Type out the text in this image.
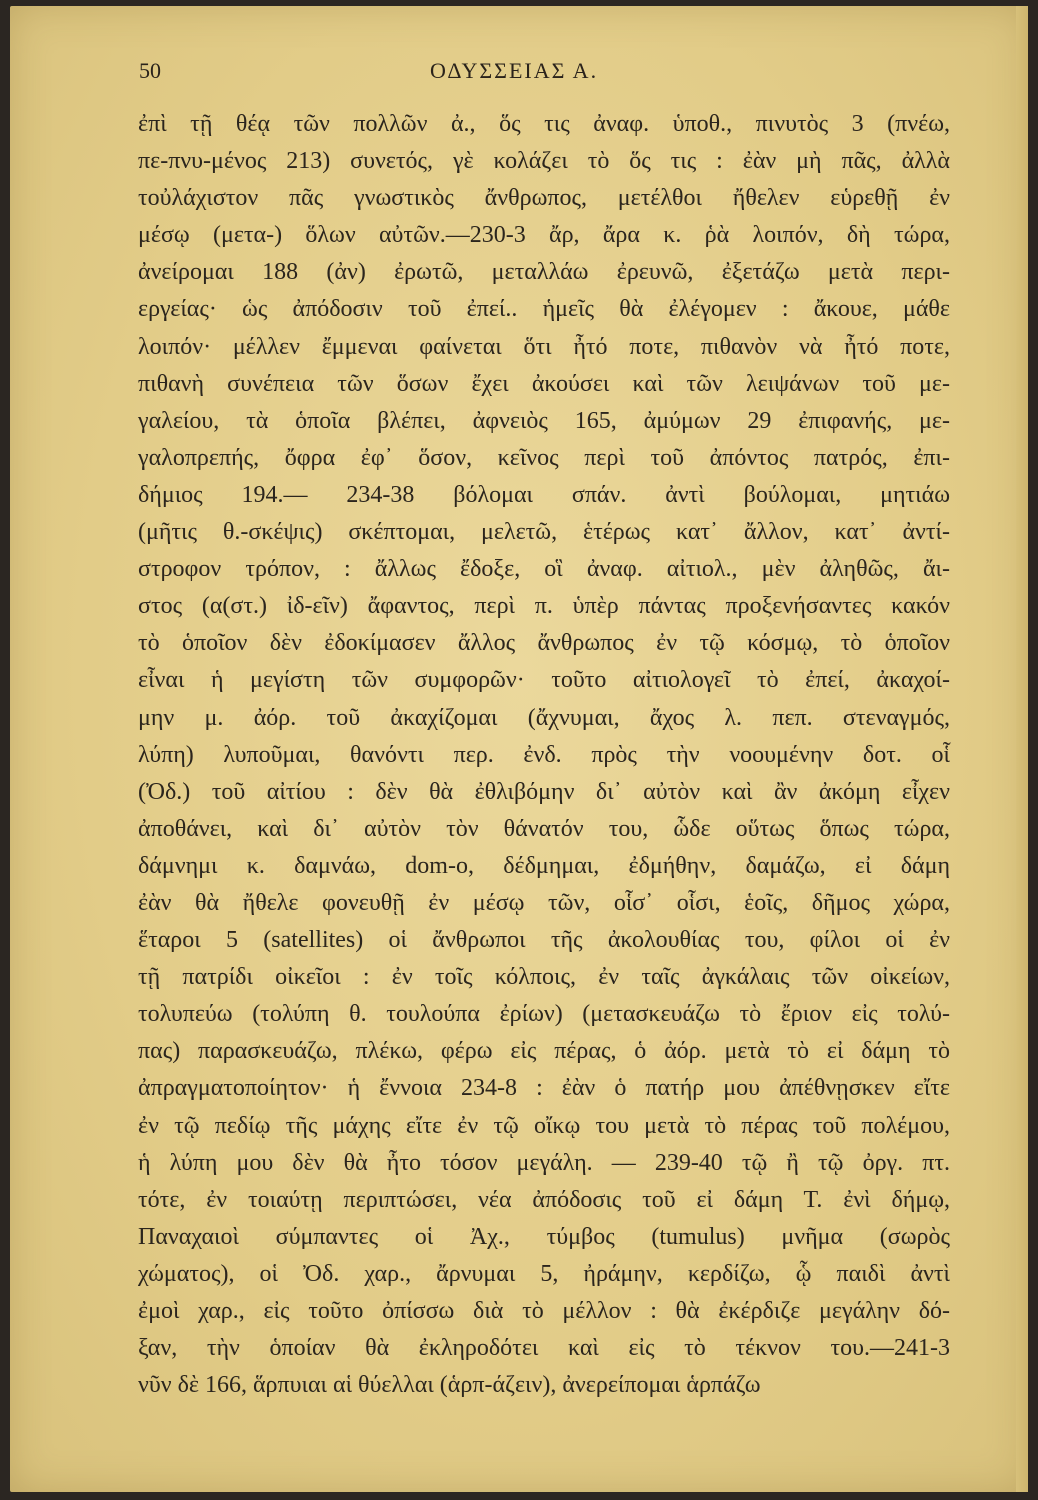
50	ΟΔΥΣΣΕΙΑΣ Α.
ἐπὶ τῇ θέᾳ τῶν πολλῶν ἀ., ὅς τις ἀναφ. ὑποθ., πινυτὸς 3 (πνέω,
πε-πνυ-μένος 213) συνετός, γὲ κολάζει τὸ ὅς τις : ἐὰν μὴ πᾶς, ἀλλὰ
τοὐλάχιστον πᾶς γνωστικὸς ἄνθρωπος, μετέλθοι ἤθελεν εὑρεθῇ ἐν
μέσῳ (μετα-) ὅλων αὐτῶν.—230-3 ἄρ, ἄρα κ. ῥὰ λοιπόν, δὴ τώρα,
ἀνείρομαι 188 (ἀν) ἐρωτῶ, μεταλλάω ἐρευνῶ, ἐξετάζω μετὰ περι-
εργείας· ὡς ἀπόδοσιν τοῦ ἐπεί.. ἡμεῖς θὰ ἐλέγομεν : ἄκουε, μάθε
λοιπόν· μέλλεν ἔμμεναι φαίνεται ὅτι ἦτό ποτε, πιθανὸν νὰ ἦτό ποτε,
πιθανὴ συνέπεια τῶν ὅσων ἔχει ἀκούσει καὶ τῶν λειψάνων τοῦ με-
γαλείου, τὰ ὁποῖα βλέπει, ἀφνειὸς 165, ἀμύμων 29 ἐπιφανής, με-
γαλοπρεπής, ὄφρα ἐφ᾽ ὅσον, κεῖνος περὶ τοῦ ἀπόντος πατρός, ἐπι-
δήμιος 194.— 234-38 βόλομαι σπάν. ἀντὶ βούλομαι, μητιάω
(μῆτις θ.-σκέψις) σκέπτομαι, μελετῶ, ἑτέρως κατ᾽ ἄλλον, κατ᾽ ἀντί-
στροφον τρόπον, : ἄλλως ἔδοξε, οἳ ἀναφ. αἰτιολ., μὲν ἀληθῶς, ἄι-
στος (α(στ.) ἰδ-εῖν) ἄφαντος, περὶ π. ὑπὲρ πάντας προξενήσαντες κακόν
τὸ ὁποῖον δὲν ἐδοκίμασεν ἄλλος ἄνθρωπος ἐν τῷ κόσμῳ, τὸ ὁποῖον
εἶναι ἡ μεγίστη τῶν συμφορῶν· τοῦτο αἰτιολογεῖ τὸ ἐπεί, ἀκαχοί-
μην μ. ἀόρ. τοῦ ἀκαχίζομαι (ἄχνυμαι, ἄχος λ. πεπ. στεναγμός,
λύπη) λυποῦμαι, θανόντι περ. ἐνδ. πρὸς τὴν νοουμένην δοτ. οἷ
(Ὀδ.) τοῦ αἰτίου : δὲν θὰ ἐθλιβόμην δι᾽ αὐτὸν καὶ ἂν ἀκόμη εἶχεν
ἀποθάνει, καὶ δι᾽ αὐτὸν τὸν θάνατόν του, ὧδε οὕτως ὅπως τώρα,
δάμνημι κ. δαμνάω, dom-o, δέδμημαι, ἐδμήθην, δαμάζω, εἰ δάμη
ἐὰν θὰ ἤθελε φονευθῇ ἐν μέσῳ τῶν, οἷσ᾽ οἷσι, ἑοῖς, δῆμος χώρα,
ἕταροι 5 (satellites) οἱ ἄνθρωποι τῆς ἀκολουθίας του, φίλοι οἱ ἐν
τῇ πατρίδι οἰκεῖοι : ἐν τοῖς κόλποις, ἐν ταῖς ἀγκάλαις τῶν οἰκείων,
τολυπεύω (τολύπη θ. τουλούπα ἐρίων) (μετασκευάζω τὸ ἔριον εἰς τολύ-
πας) παρασκευάζω, πλέκω, φέρω εἰς πέρας, ὁ ἀόρ. μετὰ τὸ εἰ δάμη τὸ
ἀπραγματοποίητον· ἡ ἔννοια 234-8 : ἐὰν ὁ πατήρ μου ἀπέθνῃσκεν εἴτε
ἐν τῷ πεδίῳ τῆς μάχης εἴτε ἐν τῷ οἴκῳ του μετὰ τὸ πέρας τοῦ πολέμου,
ἡ λύπη μου δὲν θὰ ἦτο τόσον μεγάλη. — 239-40 τῷ ἢ τῷ ὀργ. πτ.
τότε, ἐν τοιαύτῃ περιπτώσει, νέα ἀπόδοσις τοῦ εἰ δάμη Τ. ἐνὶ δήμῳ,
Παναχαιοὶ σύμπαντες οἱ Ἀχ., τύμβος (tumulus) μνῆμα (σωρὸς
χώματος), οἱ Ὀδ. χαρ., ἄρνυμαι 5, ἠράμην, κερδίζω, ᾧ παιδὶ ἀντὶ
ἐμοὶ χαρ., εἰς τοῦτο ὀπίσσω διὰ τὸ μέλλον : θὰ ἐκέρδιζε μεγάλην δό-
ξαν, τὴν ὁποίαν θὰ ἐκληροδότει καὶ εἰς τὸ τέκνον του.—241-3
νῦν δὲ 166, ἅρπυιαι αἱ θύελλαι (ἁρπ-άζειν), ἀνερείπομαι ἁρπάζω
